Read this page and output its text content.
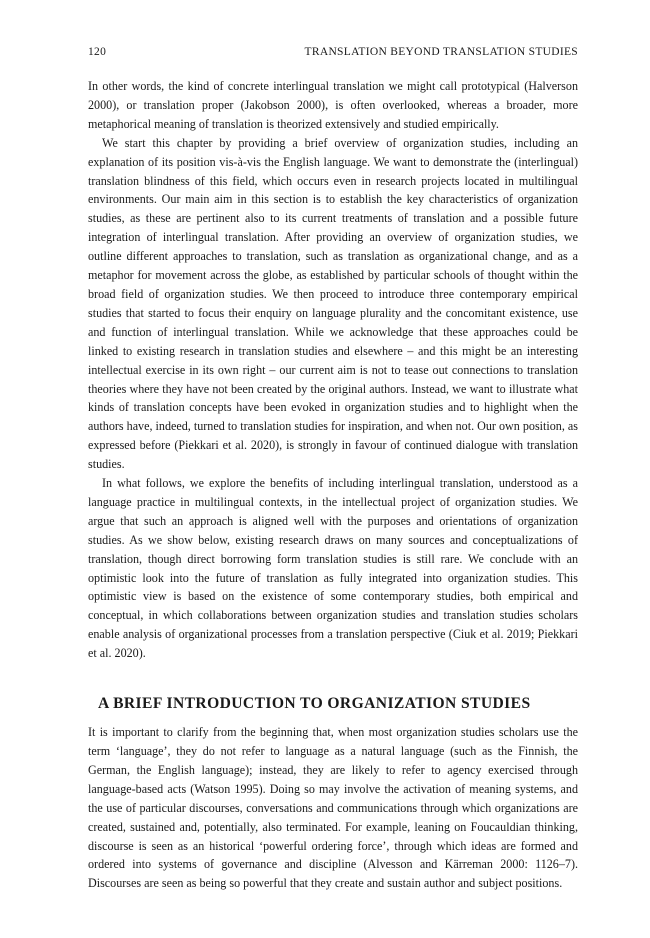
120	TRANSLATION BEYOND TRANSLATION STUDIES

In other words, the kind of concrete interlingual translation we might call prototypical (Halverson 2000), or translation proper (Jakobson 2000), is often overlooked, whereas a broader, more metaphorical meaning of translation is theorized extensively and studied empirically.

We start this chapter by providing a brief overview of organization studies, including an explanation of its position vis-à-vis the English language. We want to demonstrate the (interlingual) translation blindness of this field, which occurs even in research projects located in multilingual environments. Our main aim in this section is to establish the key characteristics of organization studies, as these are pertinent also to its current treatments of translation and a possible future integration of interlingual translation. After providing an overview of organization studies, we outline different approaches to translation, such as translation as organizational change, and as a metaphor for movement across the globe, as established by particular schools of thought within the broad field of organization studies. We then proceed to introduce three contemporary empirical studies that started to focus their enquiry on language plurality and the concomitant existence, use and function of interlingual translation. While we acknowledge that these approaches could be linked to existing research in translation studies and elsewhere – and this might be an interesting intellectual exercise in its own right – our current aim is not to tease out connections to translation theories where they have not been created by the original authors. Instead, we want to illustrate what kinds of translation concepts have been evoked in organization studies and to highlight when the authors have, indeed, turned to translation studies for inspiration, and when not. Our own position, as expressed before (Piekkari et al. 2020), is strongly in favour of continued dialogue with translation studies.

In what follows, we explore the benefits of including interlingual translation, understood as a language practice in multilingual contexts, in the intellectual project of organization studies. We argue that such an approach is aligned well with the purposes and orientations of organization studies. As we show below, existing research draws on many sources and conceptualizations of translation, though direct borrowing form translation studies is still rare. We conclude with an optimistic look into the future of translation as fully integrated into organization studies. This optimistic view is based on the existence of some contemporary studies, both empirical and conceptual, in which collaborations between organization studies and translation studies scholars enable analysis of organizational processes from a translation perspective (Ciuk et al. 2019; Piekkari et al. 2020).

A BRIEF INTRODUCTION TO ORGANIZATION STUDIES

It is important to clarify from the beginning that, when most organization studies scholars use the term ‘language’, they do not refer to language as a natural language (such as the Finnish, the German, the English language); instead, they are likely to refer to agency exercised through language-based acts (Watson 1995). Doing so may involve the activation of meaning systems, and the use of particular discourses, conversations and communications through which organizations are created, sustained and, potentially, also terminated. For example, leaning on Foucauldian thinking, discourse is seen as an historical ‘powerful ordering force’, through which ideas are formed and ordered into systems of governance and discipline (Alvesson and Kärreman 2000: 1126–7). Discourses are seen as being so powerful that they create and sustain author and subject positions.
